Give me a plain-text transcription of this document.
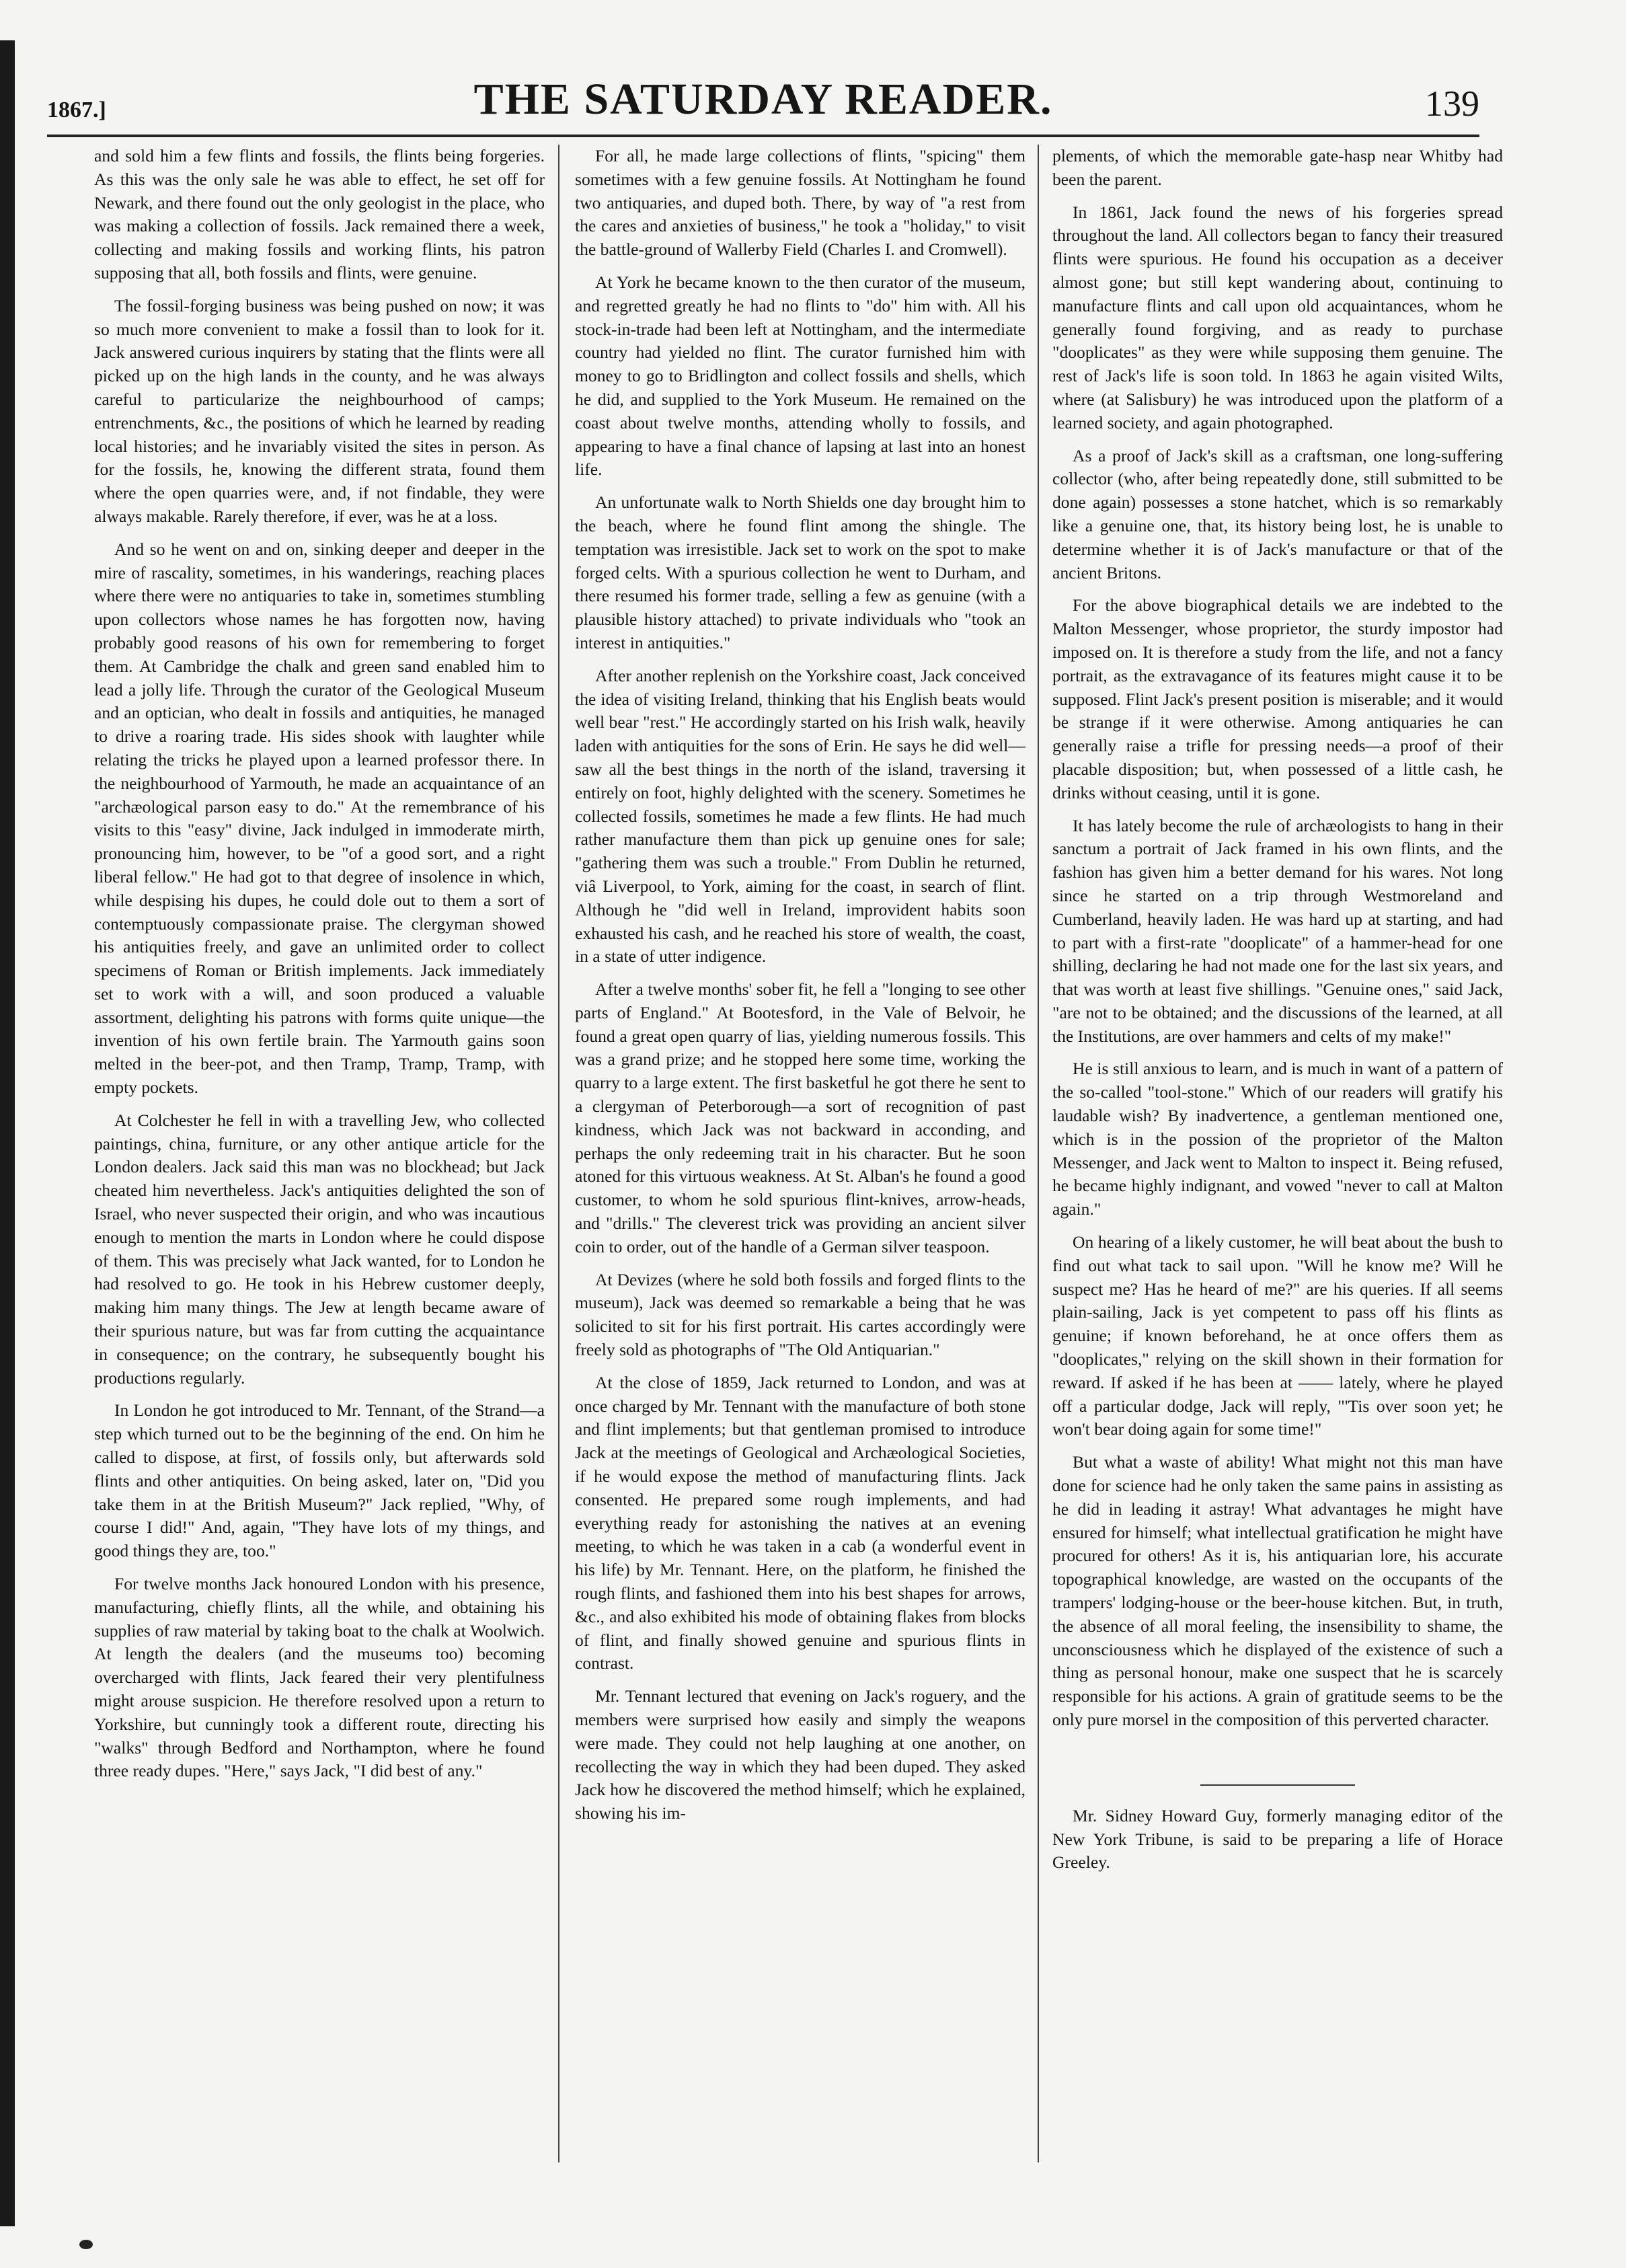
1867.]	THE SATURDAY READER.	139

and sold him a few flints and fossils, the flints being forgeries. As this was the only sale he was able to effect, he set off for Newark, and there found out the only geologist in the place, who was making a collection of fossils. Jack remained there a week, collecting and making fossils and working flints, his patron supposing that all, both fossils and flints, were genuine.

The fossil-forging business was being pushed on now; it was so much more convenient to make a fossil than to look for it. Jack answered curious inquirers by stating that the flints were all picked up on the high lands in the county, and he was always careful to particularize the neighbourhood of camps; entrenchments, &c., the positions of which he learned by reading local histories; and he invariably visited the sites in person. As for the fossils, he, knowing the different strata, found them where the open quarries were, and, if not findable, they were always makable. Rarely therefore, if ever, was he at a loss.

And so he went on and on, sinking deeper and deeper in the mire of rascality, sometimes, in his wanderings, reaching places where there were no antiquaries to take in, sometimes stumbling upon collectors whose names he has forgotten now, having probably good reasons of his own for remembering to forget them. At Cambridge the chalk and green sand enabled him to lead a jolly life. Through the curator of the Geological Museum and an optician, who dealt in fossils and antiquities, he managed to drive a roaring trade. His sides shook with laughter while relating the tricks he played upon a learned professor there. In the neighbourhood of Yarmouth, he made an acquaintance of an "archæological parson easy to do." At the remembrance of his visits to this "easy" divine, Jack indulged in immoderate mirth, pronouncing him, however, to be "of a good sort, and a right liberal fellow." He had got to that degree of insolence in which, while despising his dupes, he could dole out to them a sort of contemptuously compassionate praise. The clergyman showed his antiquities freely, and gave an unlimited order to collect specimens of Roman or British implements. Jack immediately set to work with a will, and soon produced a valuable assortment, delighting his patrons with forms quite unique—the invention of his own fertile brain. The Yarmouth gains soon melted in the beer-pot, and then Tramp, Tramp, Tramp, with empty pockets.

At Colchester he fell in with a travelling Jew, who collected paintings, china, furniture, or any other antique article for the London dealers. Jack said this man was no blockhead; but Jack cheated him nevertheless. Jack's antiquities delighted the son of Israel, who never suspected their origin, and who was incautious enough to mention the marts in London where he could dispose of them. This was precisely what Jack wanted, for to London he had resolved to go. He took in his Hebrew customer deeply, making him many things. The Jew at length became aware of their spurious nature, but was far from cutting the acquaintance in consequence; on the contrary, he subsequently bought his productions regularly.

In London he got introduced to Mr. Tennant, of the Strand—a step which turned out to be the beginning of the end. On him he called to dispose, at first, of fossils only, but afterwards sold flints and other antiquities. On being asked, later on, "Did you take them in at the British Museum?" Jack replied, "Why, of course I did!" And, again, "They have lots of my things, and good things they are, too."

For twelve months Jack honoured London with his presence, manufacturing, chiefly flints, all the while, and obtaining his supplies of raw material by taking boat to the chalk at Woolwich. At length the dealers (and the museums too) becoming overcharged with flints, Jack feared their very plentifulness might arouse suspicion. He therefore resolved upon a return to Yorkshire, but cunningly took a different route, directing his "walks" through Bedford and Northampton, where he found three ready dupes. "Here," says Jack, "I did best of any."

For all, he made large collections of flints, "spicing" them sometimes with a few genuine fossils. At Nottingham he found two antiquaries, and duped both. There, by way of "a rest from the cares and anxieties of business," he took a "holiday," to visit the battle-ground of Wallerby Field (Charles I. and Cromwell).

At York he became known to the then curator of the museum, and regretted greatly he had no flints to "do" him with. All his stock-in-trade had been left at Nottingham, and the intermediate country had yielded no flint. The curator furnished him with money to go to Bridlington and collect fossils and shells, which he did, and supplied to the York Museum. He remained on the coast about twelve months, attending wholly to fossils, and appearing to have a final chance of lapsing at last into an honest life.

An unfortunate walk to North Shields one day brought him to the beach, where he found flint among the shingle. The temptation was irresistible. Jack set to work on the spot to make forged celts. With a spurious collection he went to Durham, and there resumed his former trade, selling a few as genuine (with a plausible history attached) to private individuals who "took an interest in antiquities."

After another replenish on the Yorkshire coast, Jack conceived the idea of visiting Ireland, thinking that his English beats would well bear "rest." He accordingly started on his Irish walk, heavily laden with antiquities for the sons of Erin. He says he did well—saw all the best things in the north of the island, traversing it entirely on foot, highly delighted with the scenery. Sometimes he collected fossils, sometimes he made a few flints. He had much rather manufacture them than pick up genuine ones for sale; "gathering them was such a trouble." From Dublin he returned, viâ Liverpool, to York, aiming for the coast, in search of flint. Although he "did well in Ireland, improvident habits soon exhausted his cash, and he reached his store of wealth, the coast, in a state of utter indigence.

After a twelve months' sober fit, he fell a "longing to see other parts of England." At Bootesford, in the Vale of Belvoir, he found a great open quarry of lias, yielding numerous fossils. This was a grand prize; and he stopped here some time, working the quarry to a large extent. The first basketful he got there he sent to a clergyman of Peterborough—a sort of recognition of past kindness, which Jack was not backward in acconding, and perhaps the only redeeming trait in his character. But he soon atoned for this virtuous weakness. At St. Alban's he found a good customer, to whom he sold spurious flint-knives, arrow-heads, and "drills." The cleverest trick was providing an ancient silver coin to order, out of the handle of a German silver teaspoon.

At Devizes (where he sold both fossils and forged flints to the museum), Jack was deemed so remarkable a being that he was solicited to sit for his first portrait. His cartes accordingly were freely sold as photographs of "The Old Antiquarian."

At the close of 1859, Jack returned to London, and was at once charged by Mr. Tennant with the manufacture of both stone and flint implements; but that gentleman promised to introduce Jack at the meetings of Geological and Archæological Societies, if he would expose the method of manufacturing flints. Jack consented. He prepared some rough implements, and had everything ready for astonishing the natives at an evening meeting, to which he was taken in a cab (a wonderful event in his life) by Mr. Tennant. Here, on the platform, he finished the rough flints, and fashioned them into his best shapes for arrows, &c., and also exhibited his mode of obtaining flakes from blocks of flint, and finally showed genuine and spurious flints in contrast.

Mr. Tennant lectured that evening on Jack's roguery, and the members were surprised how easily and simply the weapons were made. They could not help laughing at one another, on recollecting the way in which they had been duped. They asked Jack how he discovered the method himself; which he explained, showing his im-

plements, of which the memorable gate-hasp near Whitby had been the parent.

In 1861, Jack found the news of his forgeries spread throughout the land. All collectors began to fancy their treasured flints were spurious. He found his occupation as a deceiver almost gone; but still kept wandering about, continuing to manufacture flints and call upon old acquaintances, whom he generally found forgiving, and as ready to purchase "dooplicates" as they were while supposing them genuine. The rest of Jack's life is soon told. In 1863 he again visited Wilts, where (at Salisbury) he was introduced upon the platform of a learned society, and again photographed.

As a proof of Jack's skill as a craftsman, one long-suffering collector (who, after being repeatedly done, still submitted to be done again) possesses a stone hatchet, which is so remarkably like a genuine one, that, its history being lost, he is unable to determine whether it is of Jack's manufacture or that of the ancient Britons.

For the above biographical details we are indebted to the Malton Messenger, whose proprietor, the sturdy impostor had imposed on. It is therefore a study from the life, and not a fancy portrait, as the extravagance of its features might cause it to be supposed. Flint Jack's present position is miserable; and it would be strange if it were otherwise. Among antiquaries he can generally raise a trifle for pressing needs—a proof of their placable disposition; but, when possessed of a little cash, he drinks without ceasing, until it is gone.

It has lately become the rule of archæologists to hang in their sanctum a portrait of Jack framed in his own flints, and the fashion has given him a better demand for his wares. Not long since he started on a trip through Westmoreland and Cumberland, heavily laden. He was hard up at starting, and had to part with a first-rate "dooplicate" of a hammer-head for one shilling, declaring he had not made one for the last six years, and that was worth at least five shillings. "Genuine ones," said Jack, "are not to be obtained; and the discussions of the learned, at all the Institutions, are over hammers and celts of my make!"

He is still anxious to learn, and is much in want of a pattern of the so-called "tool-stone." Which of our readers will gratify his laudable wish? By inadvertence, a gentleman mentioned one, which is in the possion of the proprietor of the Malton Messenger, and Jack went to Malton to inspect it. Being refused, he became highly indignant, and vowed "never to call at Malton again."

On hearing of a likely customer, he will beat about the bush to find out what tack to sail upon. "Will he know me? Will he suspect me? Has he heard of me?" are his queries. If all seems plain-sailing, Jack is yet competent to pass off his flints as genuine; if known beforehand, he at once offers them as "dooplicates," relying on the skill shown in their formation for reward. If asked if he has been at —— lately, where he played off a particular dodge, Jack will reply, "'Tis over soon yet; he won't bear doing again for some time!"

But what a waste of ability! What might not this man have done for science had he only taken the same pains in assisting as he did in leading it astray! What advantages he might have ensured for himself; what intellectual gratification he might have procured for others! As it is, his antiquarian lore, his accurate topographical knowledge, are wasted on the occupants of the trampers' lodging-house or the beer-house kitchen. But, in truth, the absence of all moral feeling, the insensibility to shame, the unconsciousness which he displayed of the existence of such a thing as personal honour, make one suspect that he is scarcely responsible for his actions. A grain of gratitude seems to be the only pure morsel in the composition of this perverted character.

Mr. Sidney Howard Guy, formerly managing editor of the New York Tribune, is said to be preparing a life of Horace Greeley.
